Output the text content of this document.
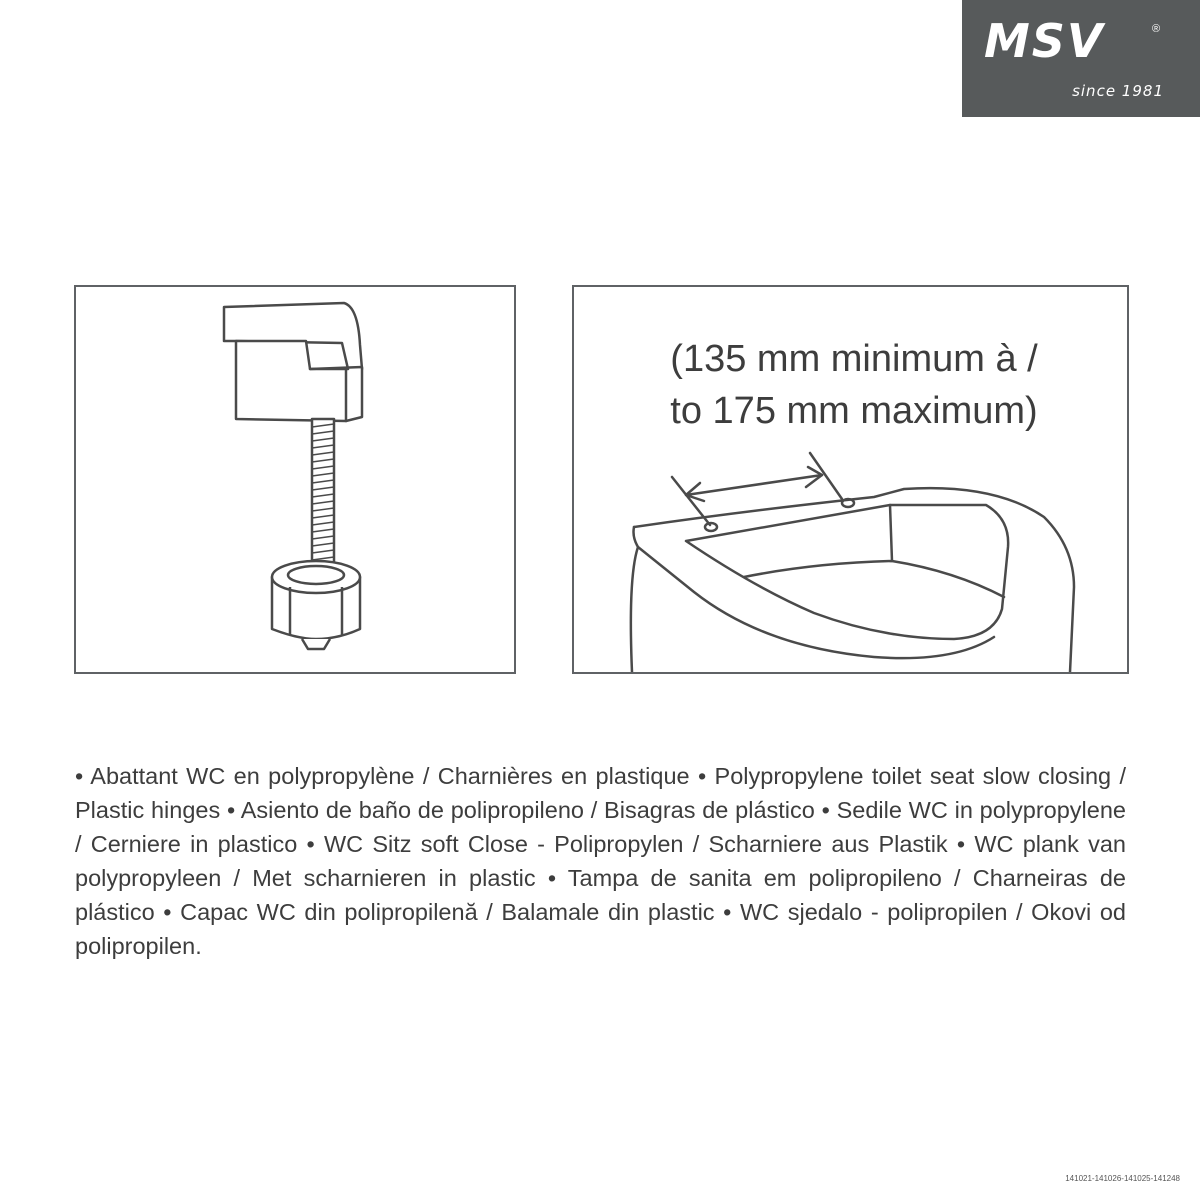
MSV	®
since 1981
(135 mm minimum à /
to 175 mm maximum)

• Abattant WC en polypropylène / Charnières en plastique • Polypropylene toilet seat slow closing / Plastic hinges • Asiento de baño de polipropileno / Bisagras de plástico • Sedile WC in polypropylene / Cerniere in plastico • WC Sitz soft Close - Polipropylen / Scharniere aus Plastik • WC plank van polypropyleen / Met scharnieren in plastic • Tampa de sanita em polipropileno / Charneiras de plástico • Capac WC din polipropilenă / Balamale din plastic • WC sjedalo - polipropilen / Okovi od polipropilen.

141021-141026-141025-141248
